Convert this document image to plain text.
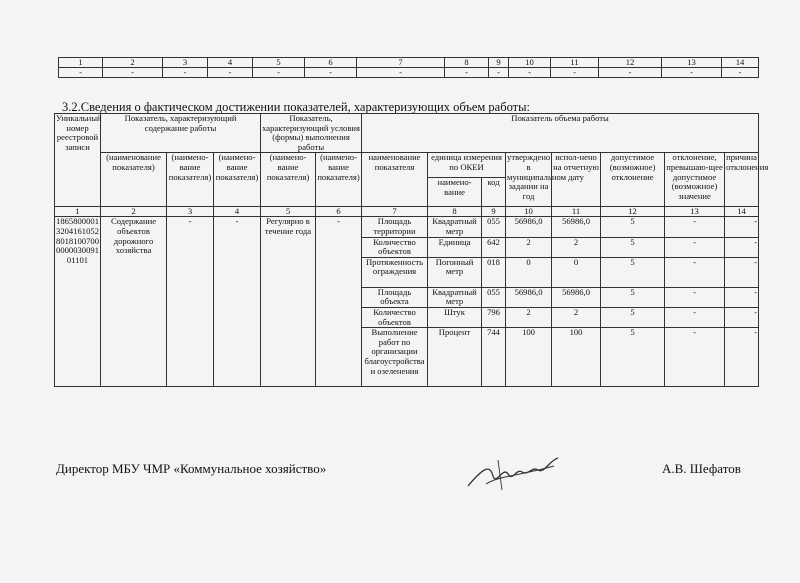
1	2	3	4	5	6	7	8	9	10	11	12	13	14
-	-	-	-	-	-	-	-	-	-	-	-	-	-
3.2.Сведения о фактическом достижении показателей, характеризующих объем работы:
Уникальный номер реестровой записи	Показатель, характеризующий содержание работы			Показатель, характеризующий условия (формы) выполнения работы		Показатель объема работы							
	(наименование показателя)	(наимено-вание показателя)	(наимено-вание показателя)	(наимено-вание показателя)	(наимено-вание показателя)	наименование показателя	единица измерения по ОКЕИ		утверждено в муниципальном задании на год	испол-нено на отчетную дату	допустимое (возможное) отклонение	отклонение, превышаю-щее допустимое (возможное) значение	причина отклонения
							наимено-вание	код					
1	2	3	4	5	6	7	8	9	10	11	12	13	14
186580000132041610528018100700000003009101101	Содержание объектов дорожного хозяйства	-	-	Регулярно в течение года	-	Площадь территории	Квадратный метр	055	56986,0	56986,0	5	-	-
						Количество объектов	Единица	642	2	2	5	-	-
						Протяженность ограждения	Погонный метр	018	0	0	5	-	-
						Площадь объекта	Квадратный метр	055	56986,0	56986,0	5	-	-
						Количество объектов	Штук	796	2	2	5	-	-
						Выполнение работ по организации благоустройства и озеленения	Процент	744	100	100	5	-	-
Директор МБУ ЧМР «Коммунальное хозяйство»	А.В. Шефатов
